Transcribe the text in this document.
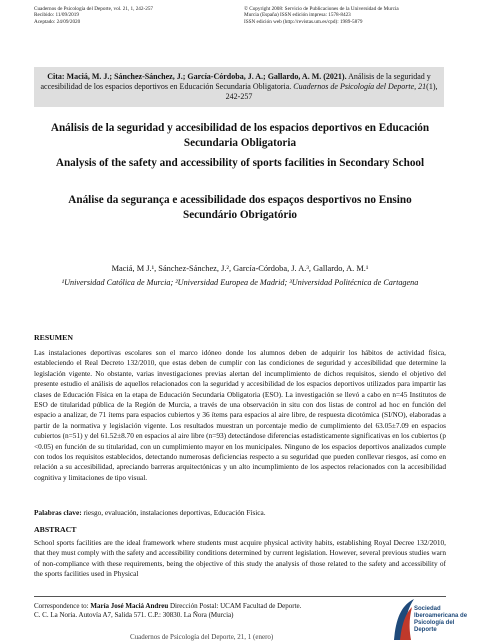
Cuadernos de Psicología del Deporte, vol. 21, 1, 242-257
Recibido: 11/09/2019
Aceptado: 24/09/2020
© Copyright 2008: Servicio de Publicaciones de la Universidad de Murcia
Murcia (España) ISSN edición impresa: 1578-8423
ISSN edición web (http://revistas.um.es/cpd): 1989-5879
Cita: Maciá, M. J.; Sánchez-Sánchez, J.; García-Córdoba, J. A.; Gallardo, A. M. (2021). Análisis de la seguridad y accesibilidad de los espacios deportivos en Educación Secundaria Obligatoria. Cuadernos de Psicología del Deporte, 21(1), 242-257
Análisis de la seguridad y accesibilidad de los espacios deportivos en Educación Secundaria Obligatoria
Analysis of the safety and accessibility of sports facilities in Secondary School
Análise da segurança e acessibilidade dos espaços desportivos no Ensino Secundário Obrigatório
Maciá, M J.¹, Sánchez-Sánchez, J.², García-Córdoba, J. A.³, Gallardo, A. M.¹
¹Universidad Católica de Murcia; ²Universidad Europea de Madrid; ³Universidad Politécnica de Cartagena
RESUMEN
Las instalaciones deportivas escolares son el marco idóneo donde los alumnos deben de adquirir los hábitos de actividad física, estableciendo el Real Decreto 132/2010, que estas deben de cumplir con las condiciones de seguridad y accesibilidad que determine la legislación vigente. No obstante, varias investigaciones previas alertan del incumplimiento de dichos requisitos, siendo el objetivo del presente estudio el análisis de aquellos relacionados con la seguridad y accesibilidad de los espacios deportivos utilizados para impartir las clases de Educación Física en la etapa de Educación Secundaria Obligatoria (ESO). La investigación se llevó a cabo en n=45 Institutos de ESO de titularidad pública de la Región de Murcia, a través de una observación in situ con dos listas de control ad hoc en función del espacio a analizar, de 71 ítems para espacios cubiertos y 36 ítems para espacios al aire libre, de respuesta dicotómica (SI/NO), elaboradas a partir de la normativa y legislación vigente. Los resultados muestran un porcentaje medio de cumplimiento del 63.05±7.09 en espacios cubiertos (n=51) y del 61.52±8.70 en espacios al aire libre (n=93) detectándose diferencias estadísticamente significativas en los cubiertos (p <0.05) en función de su titularidad, con un cumplimiento mayor en los municipales. Ninguno de los espacios deportivos analizados cumple con todos los requisitos establecidos, detectando numerosas deficiencias respecto a su seguridad que pueden conllevar riesgos, así como en relación a su accesibilidad, apreciando barreras arquitectónicas y un alto incumplimiento de los aspectos relacionados con la accesibilidad cognitiva y limitaciones de tipo visual.
Palabras clave: riesgo, evaluación, instalaciones deportivas, Educación Física.
ABSTRACT
School sports facilities are the ideal framework where students must acquire physical activity habits, establishing Royal Decree 132/2010, that they must comply with the safety and accessibility conditions determined by current legislation. However, several previous studies warn of non-compliance with these requirements, being the objective of this study the analysis of those related to the safety and accessibility of the sports facilities used in Physical
Correspondence to: María José Maciá Andreu Dirección Postal: UCAM Facultad de Deporte. C. C. La Noria. Autovía A7, Salida 571. C.P.: 30830. La Ñora (Murcia)
Sociedad
Iberoamericana de
Psicología del
Deporte
Cuadernos de Psicología del Deporte, 21, 1 (enero)
